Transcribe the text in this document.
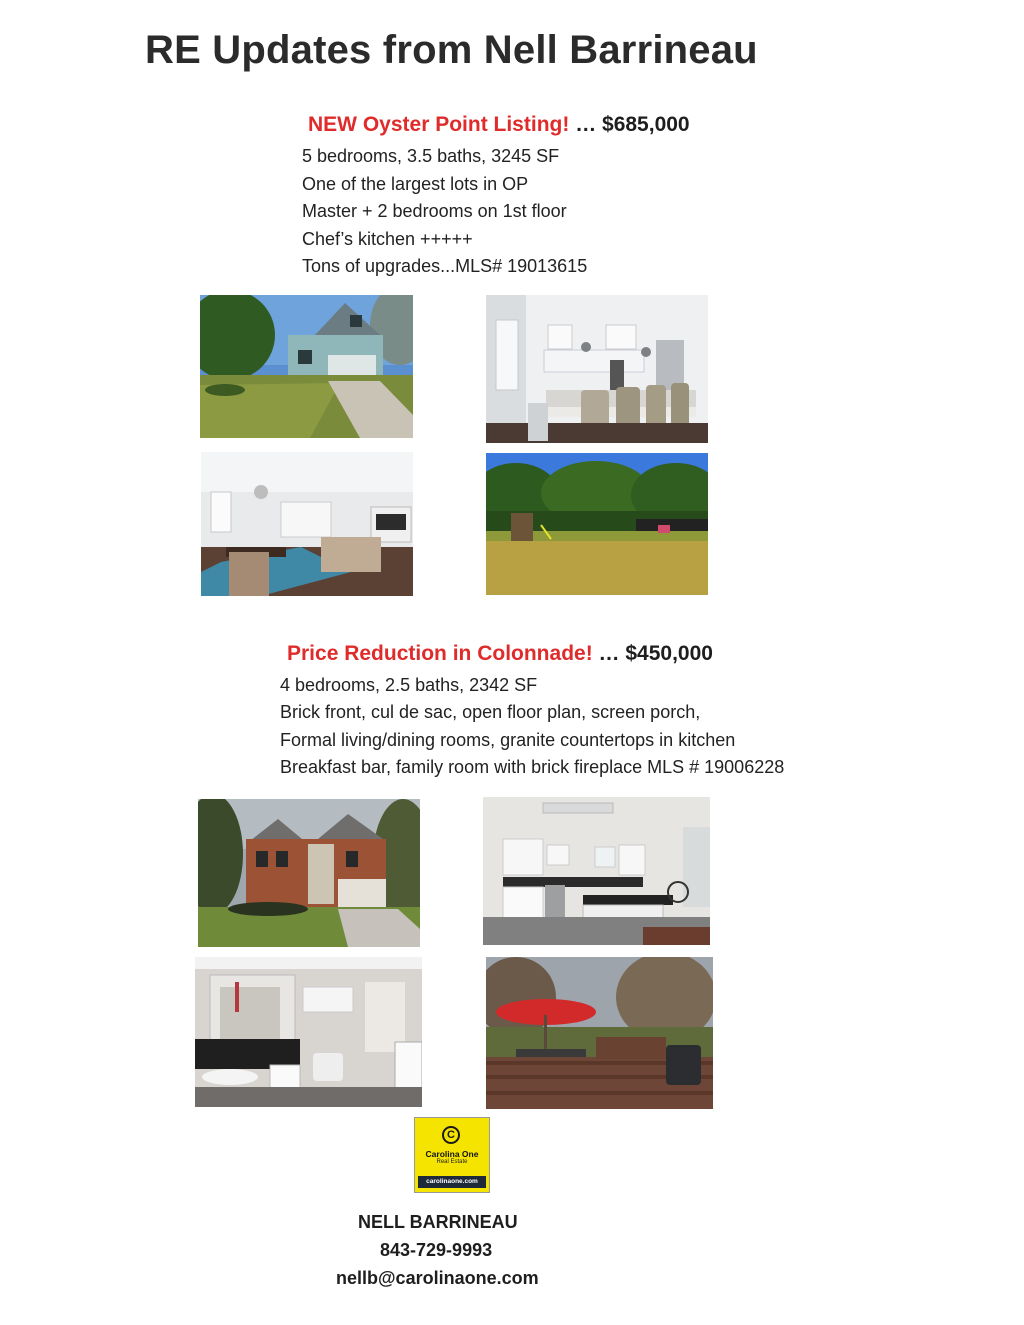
RE Updates from Nell Barrineau
NEW Oyster Point Listing! … $685,000
5 bedrooms, 3.5 baths, 3245 SF
One of the largest lots in OP
Master + 2 bedrooms on 1st floor
Chef’s kitchen +++++
Tons of upgrades...MLS# 19013615
Price Reduction in Colonnade! … $450,000
4 bedrooms, 2.5 baths, 2342 SF
Brick front, cul de sac, open floor plan, screen porch,
Formal living/dining rooms, granite countertops in kitchen
Breakfast bar, family room with brick fireplace MLS # 19006228
C
Carolina One
Real Estate
carolinaone.com
NELL BARRINEAU
843-729-9993
nellb@carolinaone.com
